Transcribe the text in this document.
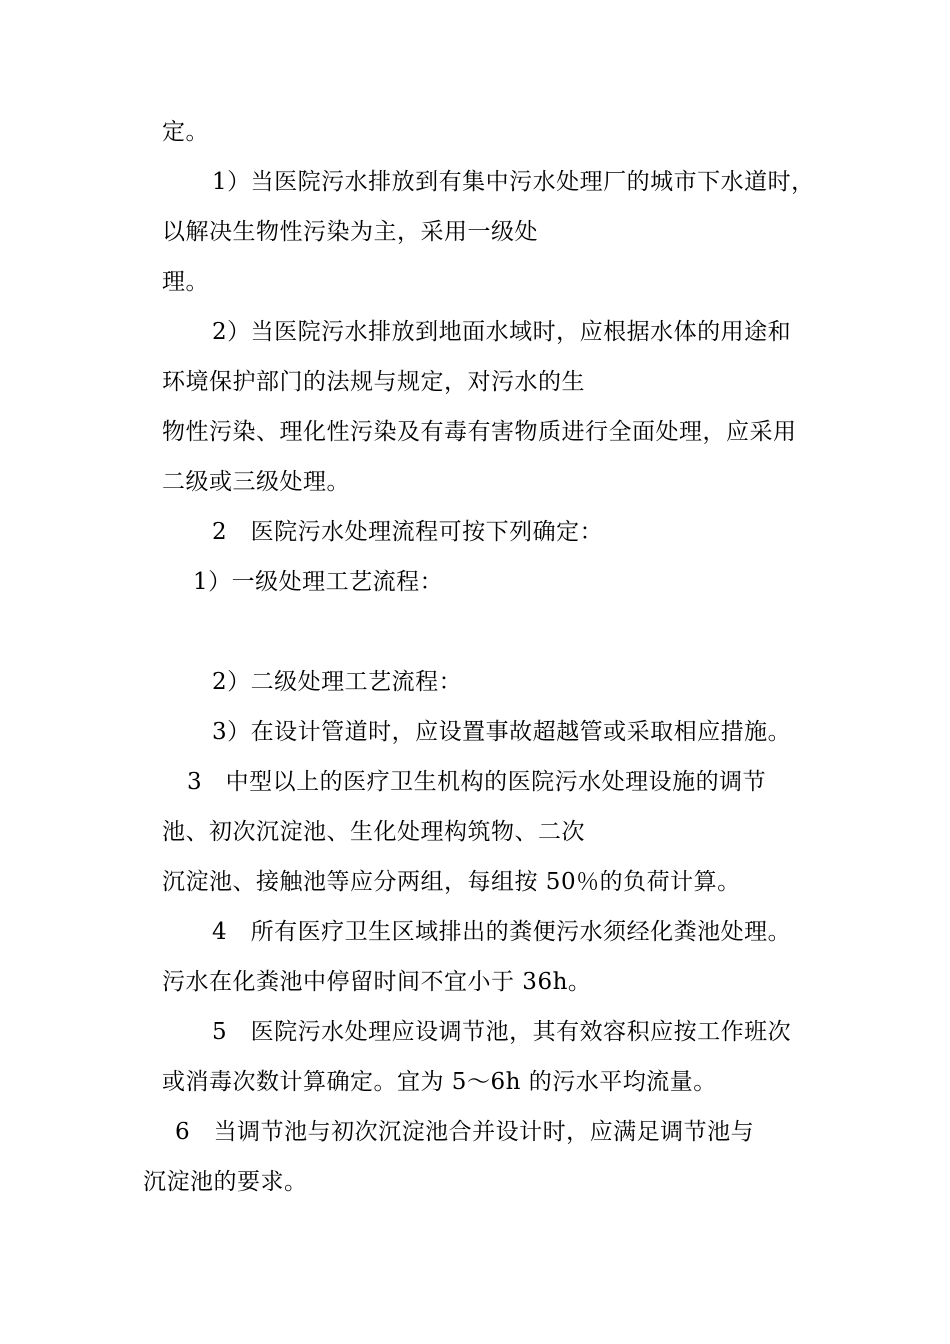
定。
1）当医院污水排放到有集中污水处理厂的城市下水道时，
以解决生物性污染为主，采用一级处
理。
2）当医院污水排放到地面水域时，应根据水体的用途和
环境保护部门的法规与规定，对污水的生
物性污染、理化性污染及有毒有害物质进行全面处理，应采用
二级或三级处理。
2　医院污水处理流程可按下列确定：
1）一级处理工艺流程：
2）二级处理工艺流程：
3）在设计管道时，应设置事故超越管或采取相应措施。
3　中型以上的医疗卫生机构的医院污水处理设施的调节
池、初次沉淀池、生化处理构筑物、二次
沉淀池、接触池等应分两组，每组按 50％的负荷计算。
4　所有医疗卫生区域排出的粪便污水须经化粪池处理。
污水在化粪池中停留时间不宜小于 36h。
5　医院污水处理应设调节池，其有效容积应按工作班次
或消毒次数计算确定。宜为 5～6h 的污水平均流量。
6　当调节池与初次沉淀池合并设计时，应满足调节池与
沉淀池的要求。
